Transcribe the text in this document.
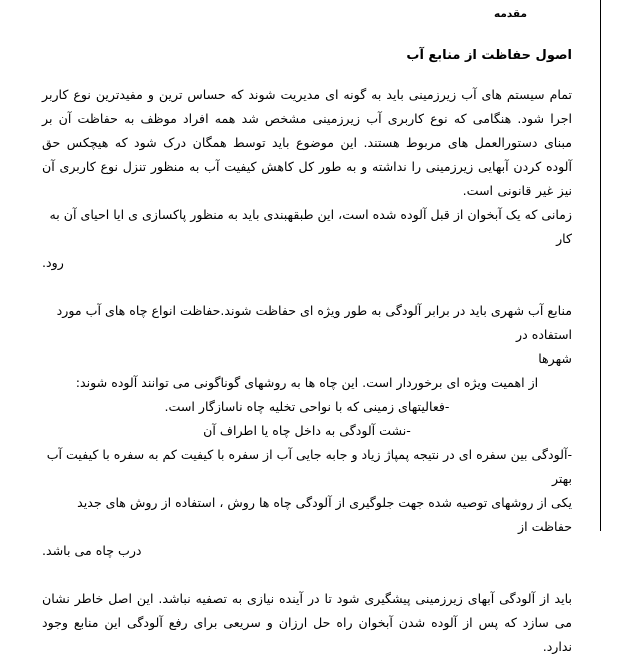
مقدمه
اصول حفاظت از منابع آب

تمام سیستم های آب زیرزمینی باید به گونه ای مدیریت شوند که حساس ترین و مفیدترین نوع کاربر اجرا شود. هنگامی که نوع کاربری آب زیرزمینی مشخص شد همه افراد موظف به حفاظت آن بر مبنای دستورالعمل های مربوط هستند. این موضوع باید توسط همگان درک شود که هیچکس حق آلوده کردن آبهایی زیرزمینی را نداشته و به طور کل کاهش کیفیت آب به منظور تنزل نوع کاربری آن نیز غیر قانونی است.

زمانی که یک آبخوان از قبل آلوده شده است، این طبقهبندی باید به منظور پاکسازی ی ایا احیای آن به کار

رود.

منابع آب شهری باید در برابر آلودگی به طور ویژه ای حفاظت شوند.حفاظت انواع چاه های آب مورد استفاده در

شهرها

از اهمیت ویژه ای برخوردار است. این چاه ها به روشهای گوناگونی می توانند آلوده شوند:

-فعالیتهای زمینی که با نواحی تخلیه چاه ناسازگار است.

-نشت آلودگی به داخل چاه یا اطراف آن

-آلودگی بین سفره ای در نتیجه پمپاژ زیاد و جابه جایی آب از سفره با کیفیت کم به سفره با کیفیت آب بهتر

یکی از روشهای توصیه شده جهت جلوگیری از آلودگی چاه ها روش ، استفاده از روش های جدید حفاظت از

درب چاه می باشد.

باید از آلودگی آبهای زیرزمینی پیشگیری شود تا در آینده نیازی به تصفیه نباشد. این اصل خاطر نشان می سازد که پس از آلوده شدن آبخوان راه حل ارزان و سریعی برای رفع آلودگی این منابع وجود ندارد.
